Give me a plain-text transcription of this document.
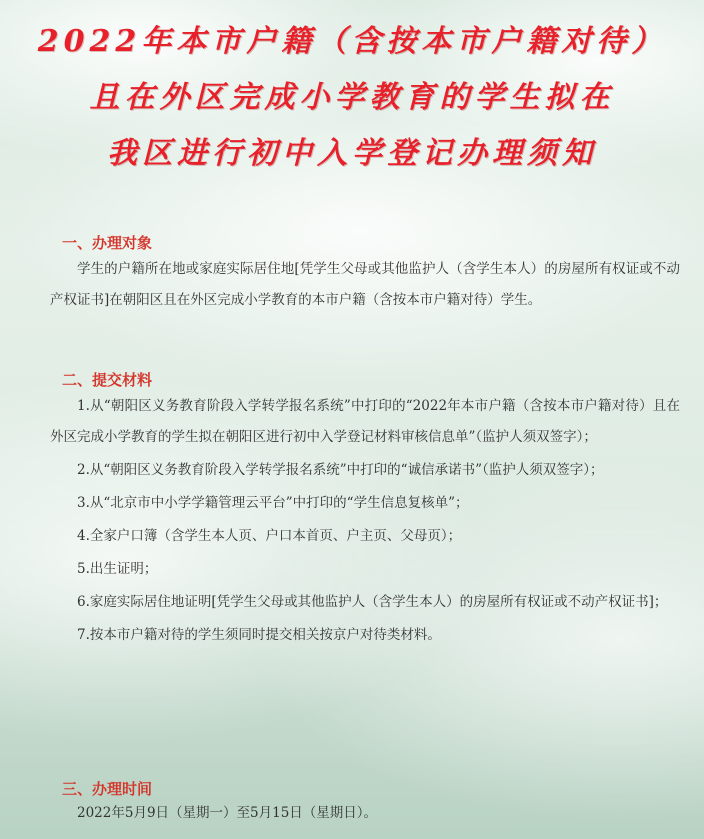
2022年本市户籍（含按本市户籍对待）
且在外区完成小学教育的学生拟在
我区进行初中入学登记办理须知
一、办理对象

学生的户籍所在地或家庭实际居住地[凭学生父母或其他监护人（含学生本人）的房屋所有权证或不动产权证书]在朝阳区且在外区完成小学教育的本市户籍（含按本市户籍对待）学生。

二、提交材料

1.从“朝阳区义务教育阶段入学转学报名系统”中打印的“2022年本市户籍（含按本市户籍对待）且在外区完成小学教育的学生拟在朝阳区进行初中入学登记材料审核信息单”（监护人须双签字）；

2.从“朝阳区义务教育阶段入学转学报名系统”中打印的“诚信承诺书”（监护人须双签字）；

3.从“北京市中小学学籍管理云平台”中打印的“学生信息复核单”；

4.全家户口簿（含学生本人页、户口本首页、户主页、父母页）；

5.出生证明；

6.家庭实际居住地证明[凭学生父母或其他监护人（含学生本人）的房屋所有权证或不动产权证书]；

7.按本市户籍对待的学生须同时提交相关按京户对待类材料。

三、办理时间

2022年5月9日（星期一）至5月15日（星期日）。
